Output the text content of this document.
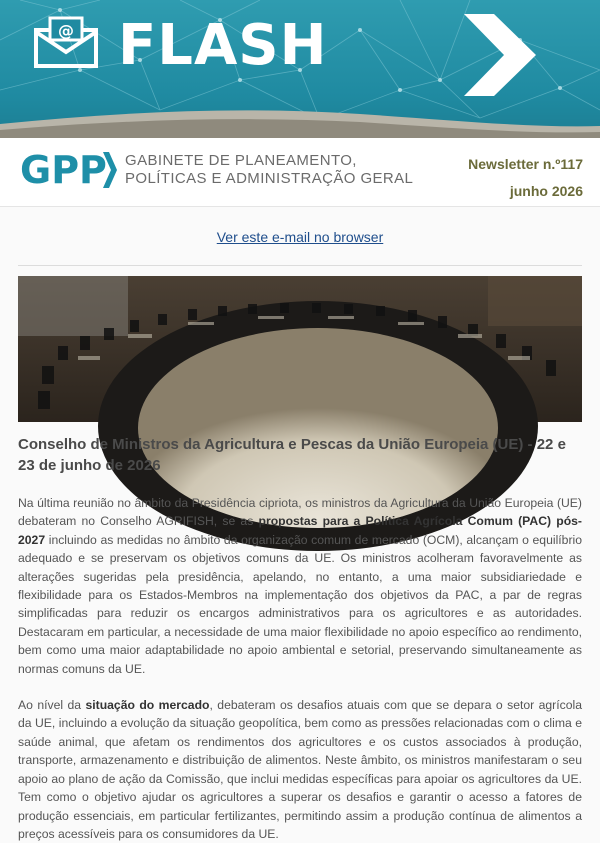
@ FLASH
GPP GABINETE DE PLANEAMENTO,
POLÍTICAS E ADMINISTRAÇÃO GERAL
Newsletter n.º117
junho 2026
Ver este e-mail no browser
Conselho de Ministros da Agricultura e Pescas da União Europeia (UE) - 22 e 23 de junho de 2026

Na última reunião no âmbito da Presidência cipriota, os ministros da Agricultura da União Europeia (UE) debateram no Conselho AGRIFISH, se as propostas para a Política Agrícola Comum (PAC) pós-2027 incluindo as medidas no âmbito da organização comum de mercado (OCM), alcançam o equilíbrio adequado e se preservam os objetivos comuns da UE. Os ministros acolheram favoravelmente as alterações sugeridas pela presidência, apelando, no entanto, a uma maior subsidiariedade e flexibilidade para os Estados-Membros na implementação dos objetivos da PAC, a par de regras simplificadas para reduzir os encargos administrativos para os agricultores e as autoridades. Destacaram em particular, a necessidade de uma maior flexibilidade no apoio específico ao rendimento, bem como uma maior adaptabilidade no apoio ambiental e setorial, preservando simultaneamente as normas comuns da UE.

Ao nível da situação do mercado, debateram os desafios atuais com que se depara o setor agrícola da UE, incluindo a evolução da situação geopolítica, bem como as pressões relacionadas com o clima e saúde animal, que afetam os rendimentos dos agricultores e os custos associados à produção, transporte, armazenamento e distribuição de alimentos. Neste âmbito, os ministros manifestaram o seu apoio ao plano de ação da Comissão, que inclui medidas específicas para apoiar os agricultores da UE. Tem como o objetivo ajudar os agricultores a superar os desafios e garantir o acesso a fatores de produção essenciais, em particular fertilizantes, permitindo assim a produção contínua de alimentos a preços acessíveis para os consumidores da UE.
